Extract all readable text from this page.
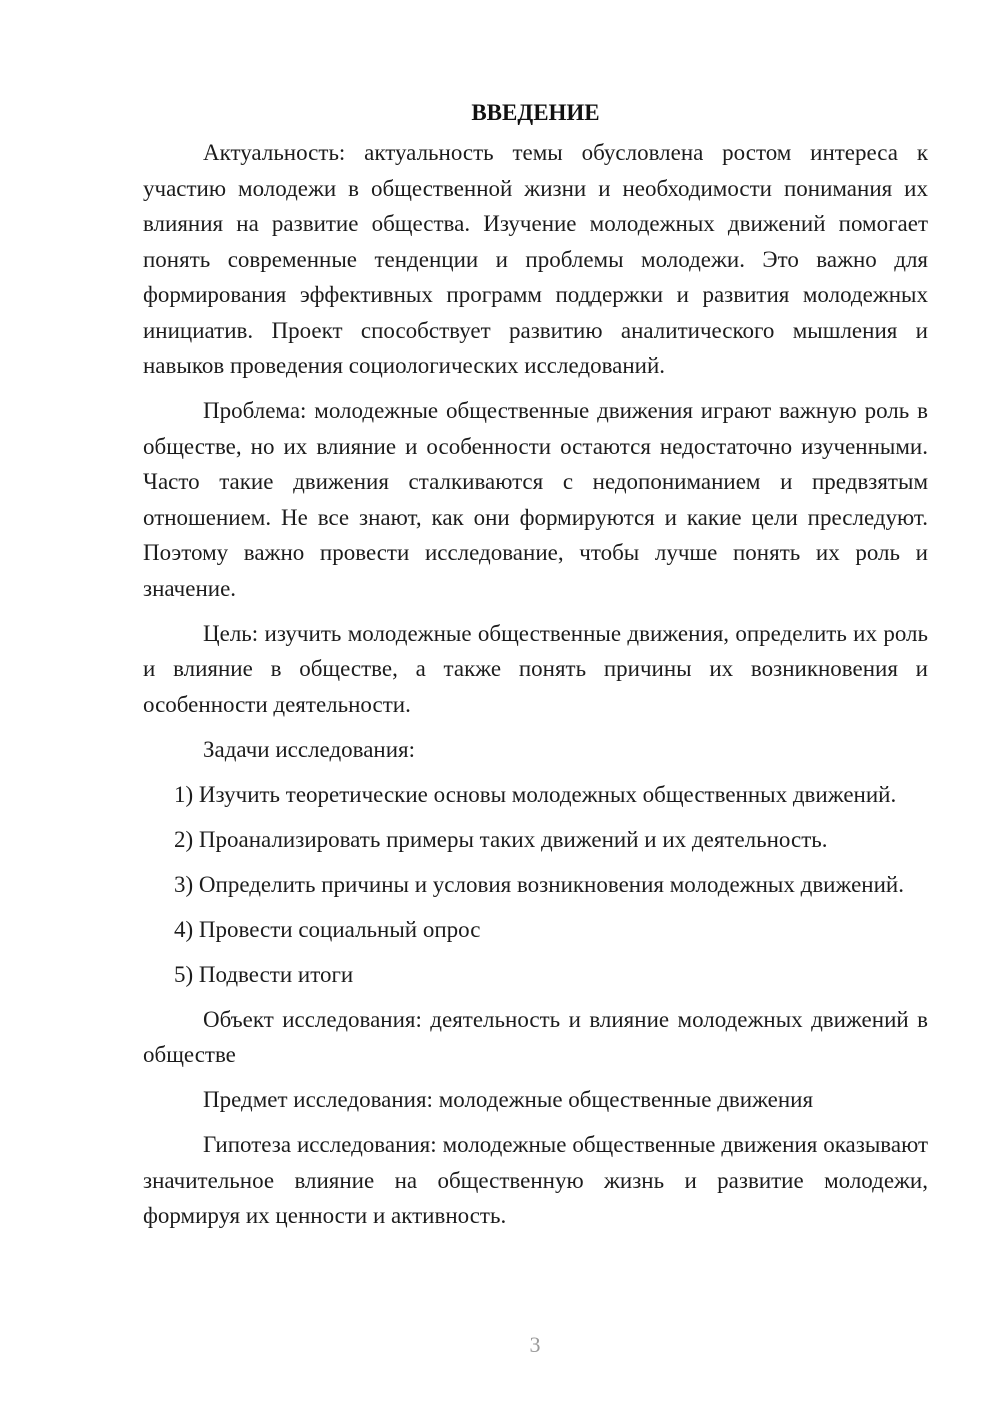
ВВЕДЕНИЕ

Актуальность: актуальность темы обусловлена ростом интереса к участию молодежи в общественной жизни и необходимости понимания их влияния на развитие общества. Изучение молодежных движений помогает понять современные тенденции и проблемы молодежи. Это важно для формирования эффективных программ поддержки и развития молодежных инициатив. Проект способствует развитию аналитического мышления и навыков проведения социологических исследований.

Проблема: молодежные общественные движения играют важную роль в обществе, но их влияние и особенности остаются недостаточно изученными. Часто такие движения сталкиваются с недопониманием и предвзятым отношением. Не все знают, как они формируются и какие цели преследуют. Поэтому важно провести исследование, чтобы лучше понять их роль и значение.

Цель: изучить молодежные общественные движения, определить их роль и влияние в обществе, а также понять причины их возникновения и особенности деятельности.

Задачи исследования:

1) Изучить теоретические основы молодежных общественных движений.

2) Проанализировать примеры таких движений и их деятельность.

3) Определить причины и условия возникновения молодежных движений.

4) Провести социальный опрос

5) Подвести итоги

Объект исследования: деятельность и влияние молодежных движений в обществе

Предмет исследования: молодежные общественные движения

Гипотеза исследования: молодежные общественные движения оказывают значительное влияние на общественную жизнь и развитие молодежи, формируя их ценности и активность.

3
